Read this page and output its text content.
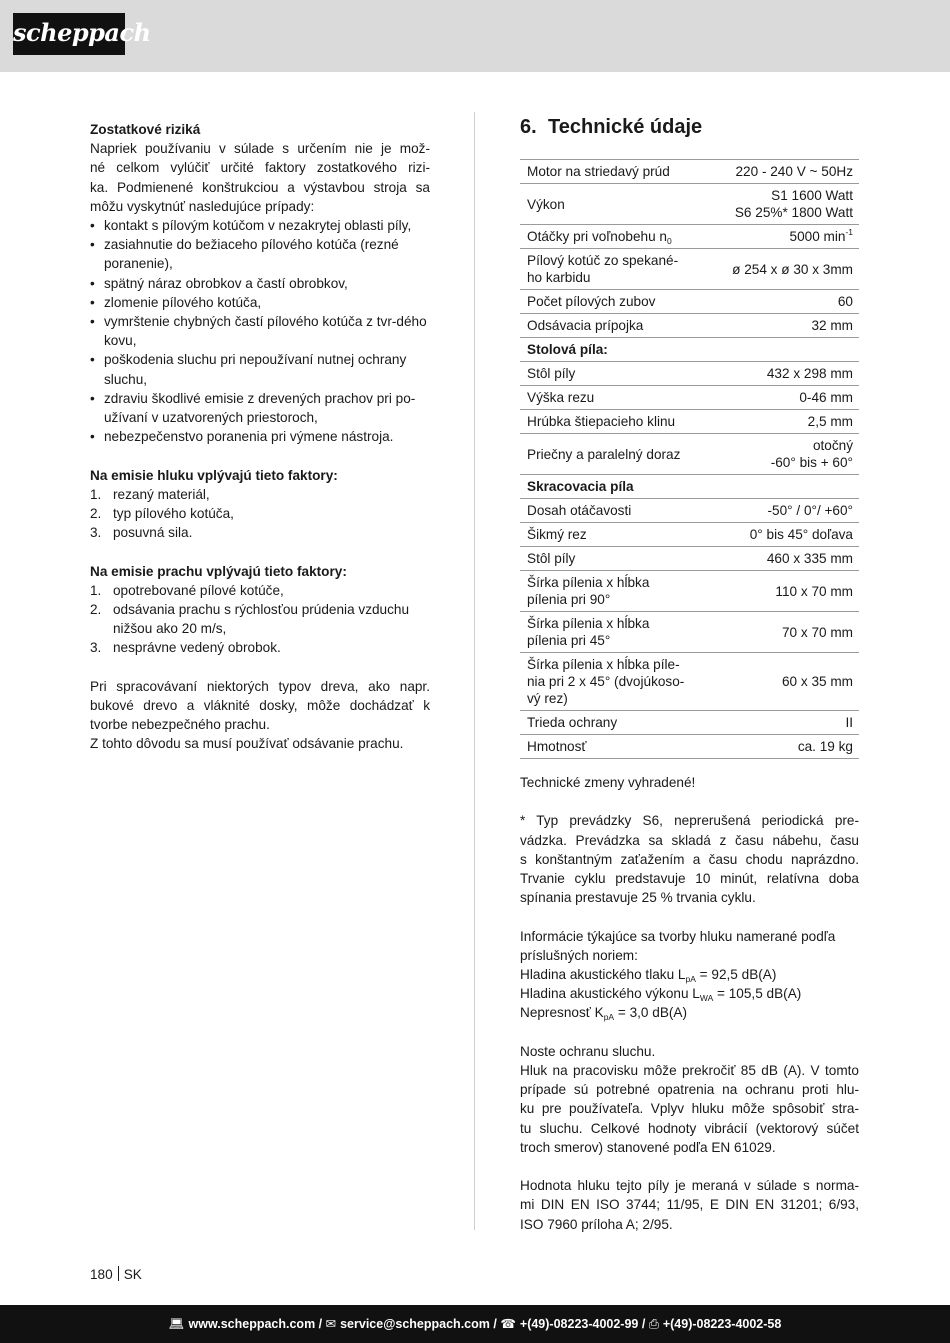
scheppach
Zostatkové riziká
Napriek používaniu v súlade s určením nie je mož-
né celkom vylúčiť určité faktory zostatkového rizi-
ka. Podmienené konštrukciou a výstavbou stroja sa
môžu vyskytnúť nasledujúce prípady:
• kontakt s pílovým kotúčom v nezakrytej oblasti píly,
• zasiahnutie do bežiaceho pílového kotúča (rezné poranenie),
• spätný náraz obrobkov a častí obrobkov,
• zlomenie pílového kotúča,
• vymrštenie chybných častí pílového kotúča z tvr-dého kovu,
• poškodenia sluchu pri nepoužívaní nutnej ochrany sluchu,
• zdraviu škodlivé emisie z drevených prachov pri po-užívaní v uzatvorených priestoroch,
• nebezpečenstvo poranenia pri výmene nástroja.
Na emisie hluku vplývajú tieto faktory:
1. rezaný materiál,
2. typ pílového kotúča,
3. posuvná sila.
Na emisie prachu vplývajú tieto faktory:
1. opotrebované pílové kotúče,
2. odsávania prachu s rýchlosťou prúdenia vzduchu nižšou ako 20 m/s,
3. nesprávne vedený obrobok.
Pri spracovávaní niektorých typov dreva, ako napr.
bukové drevo a vláknité dosky, môže dochádzať k
tvorbe nebezpečného prachu.
Z tohto dôvodu sa musí používať odsávanie prachu.
6. Technické údaje
Motor na striedavý prúd	220 - 240 V ~ 50Hz
Výkon	S1 1600 Watt
S6 25%* 1800 Watt

Otáčky pri voľnobehu $n_0$	5000 $\min^{-1}$

Pílový kotúč zo spekané-
ho karbidu	ø 254 x ø 30 x 3mm
Počet pílových zubov	60
Odsávacia prípojka	32 mm
Stolová píla:	
Stôl píly	432 x 298 mm
Výška rezu	0-46 mm
Hrúbka štiepacieho klinu	2,5 mm
Priečny a paralelný doraz	otočný
-60° bis + 60°

Skracovacia píla	
Dosah otáčavosti	-50° / 0°/ +60°
Šikmý rez	0° bis 45° doľava
Stôl píly	460 x 335 mm

Šírka pílenia x hĺbka
pílenia pri 90°	110 x 70 mm

Šírka pílenia x hĺbka
pílenia pri 45°	70 x 70 mm

Šírka pílenia x hĺbka píle-
nia pri 2 x 45° (dvojúkoso-
vý rez)	60 x 35 mm
Trieda ochrany	II
Hmotnosť	ca. 19 kg
Technické zmeny vyhradené!
* Typ prevádzky S6, neprerušená periodická pre-
vádzka. Prevádzka sa skladá z času nábehu, času
s konštantným zaťažením a času chodu naprázdno.
Trvanie cyklu predstavuje 10 minút, relatívna doba
spínania prestavuje 25 % trvania cyklu.
Informácie týkajúce sa tvorby hluku namerané podľa
príslušných noriem:
Hladina akustického tlaku $L_{pA} = 92,5$ dB(A)
Hladina akustického výkonu $L_{WA} = 105,5$ dB(A)
Nepresnosť $K_{pA} = 3,0$ dB(A)
Noste ochranu sluchu.
Hluk na pracovisku môže prekročiť 85 dB (A). V tomto
prípade sú potrebné opatrenia na ochranu proti hlu-
ku pre používateľa. Vplyv hluku môže spôsobiť stra-
tu sluchu. Celkové hodnoty vibrácií (vektorový súčet
troch smerov) stanovené podľa EN 61029.
Hodnota hluku tejto píly je meraná v súlade s norma-
mi DIN EN ISO 3744; 11/95, E DIN EN 31201; 6/93,
ISO 7960 príloha A; 2/95.
180 SK
💻︎ www.scheppach.com / ✉︎ service@scheppach.com / ☎︎ +(49)-08223-4002-99 / ⎙ +(49)-08223-4002-58
